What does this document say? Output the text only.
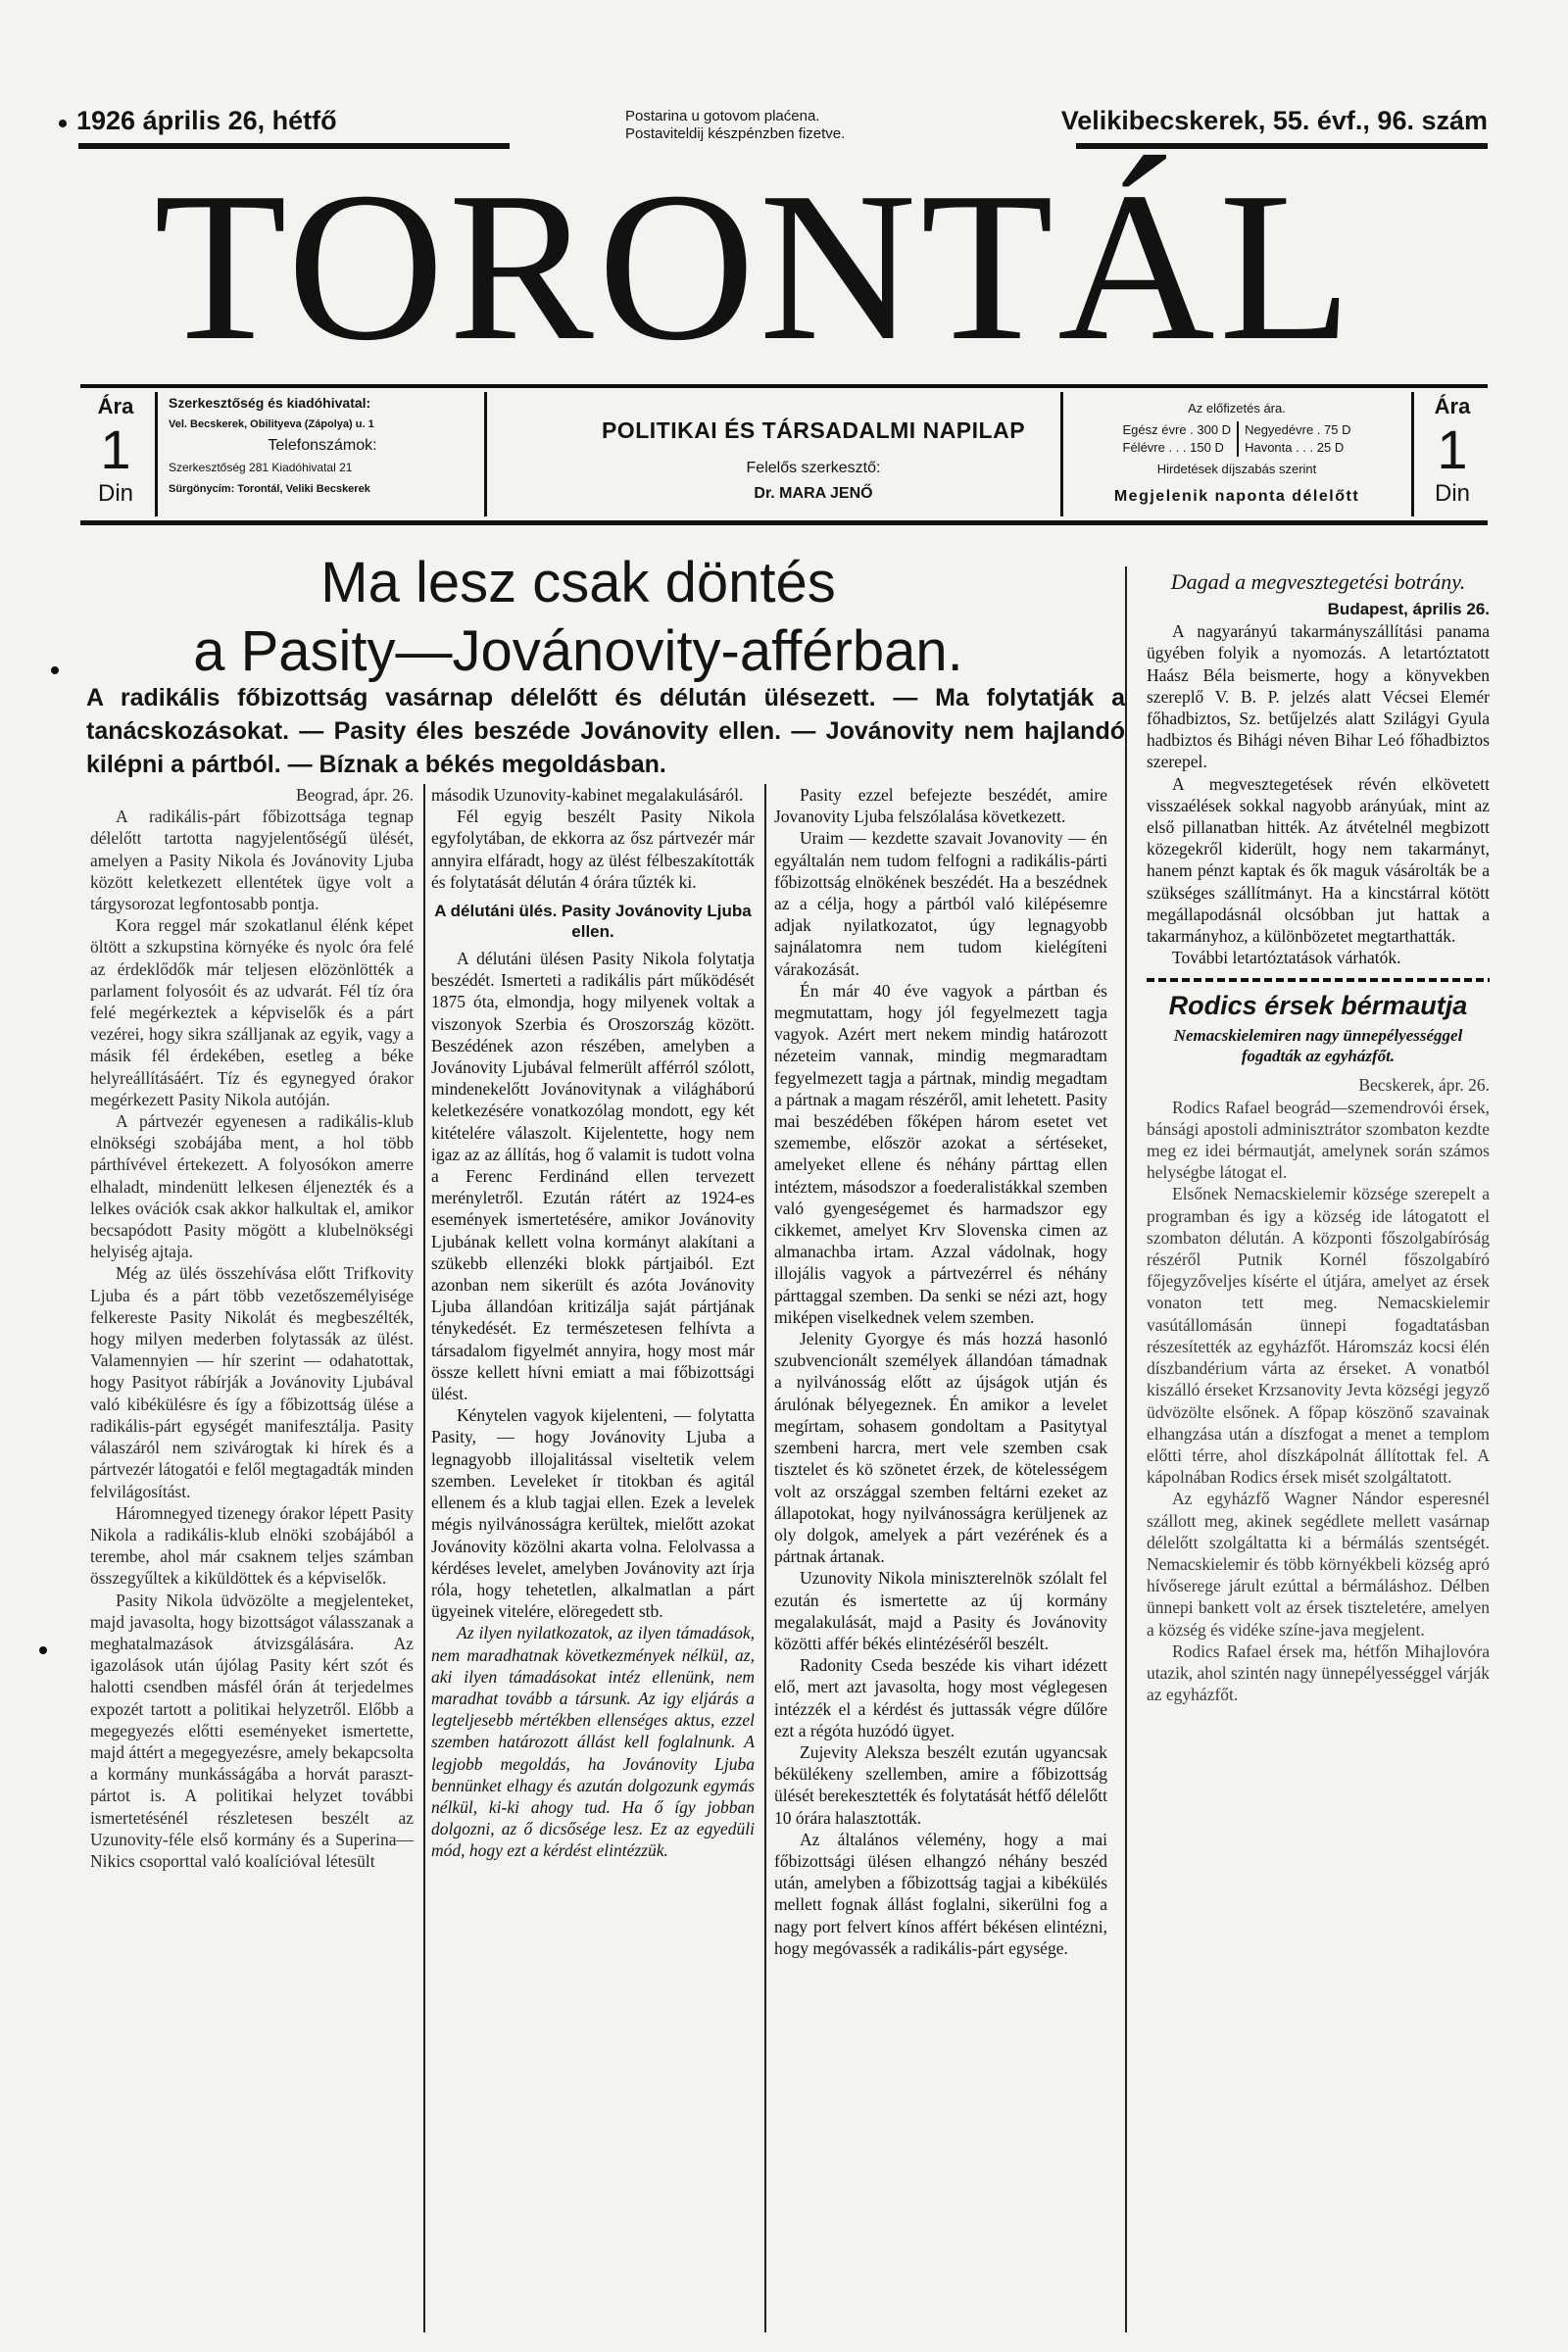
1926 április 26, hétfő	Postarina u gotovom plaćena.
Postaviteldij készpénzben fizetve.	Velikibecskerek, 55. évf., 96. szám
TORONTÁL
Ára
1
Din
Szerkesztőség és kiadóhivatal:
Vel. Becskerek, Obilityeva (Zápolya) u. 1
Telefonszámok:
Szerkesztőség 281 Kiadóhivatal 21
Sürgönycím: Torontál, Veliki Becskerek
POLITIKAI ÉS TÁRSADALMI NAPILAP
Felelős szerkesztő:
Dr. MARA JENŐ
Az előfizetés ára.
Egész évre . 300 D	Negyedévre . 75 D
Félévre . . . 150 D	Havonta . . . 25 D
Hirdetések díjszabás szerint
Megjelenik naponta délelőtt
Ára
1
Din
Ma lesz csak döntés
a Pasity—Jovánovity-afférban.
A radikális főbizottság vasárnap délelőtt és délután ülésezett. — Ma folytatják a tanácskozásokat. — Pasity éles beszéde Jovánovity ellen. — Jovánovity nem hajlandó kilépni a pártból. — Bíznak a békés megoldásban.
Beograd, ápr. 26.

A radikális-párt főbizottsága tegnap délelőtt tartotta nagyjelentőségű ülését, amelyen a Pasity Nikola és Jovánovity Ljuba között keletkezett ellentétek ügye volt a tárgysorozat legfontosabb pontja.

Kora reggel már szokatlanul élénk képet öltött a szkupstina környéke és nyolc óra felé az érdeklődők már teljesen elözönlötték a parlament folyosóit és az udvarát. Fél tíz óra felé megérkeztek a képviselők és a párt vezérei, hogy sikra szálljanak az egyik, vagy a másik fél érdekében, esetleg a béke helyreállításáért. Tíz és egynegyed órakor megérkezett Pasity Nikola autóján.

A pártvezér egyenesen a radikális-klub elnökségi szobájába ment, a hol több párthívével értekezett. A folyosókon amerre elhaladt, mindenütt lelkesen éljenezték és a lelkes ovációk csak akkor halkultak el, amikor becsapódott Pasity mögött a klubelnökségi helyiség ajtaja.

Még az ülés összehívása előtt Trifkovity Ljuba és a párt több vezetőszemélyisége felkereste Pasity Nikolát és megbeszélték, hogy milyen mederben folytassák az ülést. Valamennyien — hír szerint — odahatottak, hogy Pasityot rábírják a Jovánovity Ljubával való kibékülésre és így a főbizottság ülése a radikális-párt egységét manifesztálja. Pasity válaszáról nem szivárogtak ki hírek és a pártvezér látogatói e felől megtagadták minden felvilágosítást.

Háromnegyed tizenegy órakor lépett Pasity Nikola a radikális-klub elnöki szobájából a terembe, ahol már csaknem teljes számban összegyűltek a kiküldöttek és a képviselők.

Pasity Nikola üdvözölte a megjelenteket, majd javasolta, hogy bizottságot válasszanak a meghatalmazások átvizsgálására. Az igazolások után újólag Pasity kért szót és halotti csendben másfél órán át terjedelmes expozét tartott a politikai helyzetről. Előbb a megegyezés előtti eseményeket ismertette, majd áttért a megegyezésre, amely bekapcsolta a kormány munkásságába a horvát paraszt-pártot is. A politikai helyzet további ismertetésénél részletesen beszélt az Uzunovity-féle első kormány és a Superina—Nikics csoporttal való koalícióval létesült

második Uzunovity-kabinet megalakulásáról.

Fél egyig beszélt Pasity Nikola egyfolytában, de ekkorra az ősz pártvezér már annyira elfáradt, hogy az ülést félbeszakították és folytatását délután 4 órára tűzték ki.

A délutáni ülés. Pasity Jovánovity Ljuba ellen.

A délutáni ülésen Pasity Nikola folytatja beszédét. Ismerteti a radikális párt működését 1875 óta, elmondja, hogy milyenek voltak a viszonyok Szerbia és Oroszország között. Beszédének azon részében, amelyben a Jovánovity Ljubával felmerült afférról szólott, mindenekelőtt Jovánovitynak a világháború keletkezésére vonatkozólag mondott, egy két kitételére válaszolt. Kijelentette, hogy nem igaz az az állítás, hog ő valamit is tudott volna a Ferenc Ferdinánd ellen tervezett merényletről. Ezután rátért az 1924-es események ismertetésére, amikor Jovánovity Ljubának kellett volna kormányt alakítani a szükebb ellenzéki blokk pártjaiból. Ezt azonban nem sikerült és azóta Jovánovity Ljuba állandóan kritizálja saját pártjának ténykedését. Ez természetesen felhívta a társadalom figyelmét annyira, hogy most már össze kellett hívni emiatt a mai főbizottsági ülést.

Kénytelen vagyok kijelenteni, — folytatta Pasity, — hogy Jovánovity Ljuba a legnagyobb illojalitással viseltetik velem szemben. Leveleket ír titokban és agitál ellenem és a klub tagjai ellen. Ezek a levelek mégis nyilvánosságra kerültek, mielőtt azokat Jovánovity közölni akarta volna. Felolvassa a kérdéses levelet, amelyben Jovánovity azt írja róla, hogy tehetetlen, alkalmatlan a párt ügyeinek vitelére, elöregedett stb.

Az ilyen nyilatkozatok, az ilyen támadások, nem maradhatnak következmények nélkül, az, aki ilyen támadásokat intéz ellenünk, nem maradhat tovább a társunk. Az igy eljárás a legteljesebb mértékben ellenséges aktus, ezzel szemben határozott állást kell foglalnunk. A legjobb megoldás, ha Jovánovity Ljuba bennünket elhagy és azután dolgozunk egymás nélkül, ki-ki ahogy tud. Ha ő így jobban dolgozni, az ő dicsősége lesz. Ez az egyedüli mód, hogy ezt a kérdést elintézzük.

Pasity ezzel befejezte beszédét, amire Jovanovity Ljuba felszólalása következett.

Uraim — kezdette szavait Jovanovity — én egyáltalán nem tudom felfogni a radikális-párti főbizottság elnökének beszédét. Ha a beszédnek az a célja, hogy a pártból való kilépésemre adjak nyilatkozatot, úgy legnagyobb sajnálatomra nem tudom kielégíteni várakozását.

Én már 40 éve vagyok a pártban és megmutattam, hogy jól fegyelmezett tagja vagyok. Azért mert nekem mindig határozott nézeteim vannak, mindig megmaradtam fegyelmezett tagja a pártnak, mindig megadtam a pártnak a magam részéről, amit lehetett. Pasity mai beszédében főképen három esetet vet szemembe, először azokat a sértéseket, amelyeket ellene és néhány párttag ellen intéztem, másodszor a foederalistákkal szemben való gyengeségemet és harmadszor egy cikkemet, amelyet Krv Slovenska cimen az almanachba irtam. Azzal vádolnak, hogy illojális vagyok a pártvezérrel és néhány párttaggal szemben. Da senki se nézi azt, hogy miképen viselkednek velem szemben.

Jelenity Gyorgye és más hozzá hasonló szubvencionált személyek állandóan támadnak a nyilvánosság előtt az újságok utján és árulónak bélyegeznek. Én amikor a levelet megírtam, sohasem gondoltam a Pasitytyal szembeni harcra, mert vele szemben csak tisztelet és kö szönetet érzek, de kötelességem volt az országgal szemben feltárni ezeket az állapotokat, hogy nyilvánosságra kerüljenek az oly dolgok, amelyek a párt vezérének és a pártnak ártanak.

Uzunovity Nikola miniszterelnök szólalt fel ezután és ismertette az új kormány megalakulását, majd a Pasity és Jovánovity közötti affér békés elintézéséről beszélt.

Radonity Cseda beszéde kis vihart idézett elő, mert azt javasolta, hogy most véglegesen intézzék el a kérdést és juttassák végre dűlőre ezt a régóta huzódó ügyet.

Zujevity Aleksza beszélt ezután ugyancsak békülékeny szellemben, amire a főbizottság ülését berekesztették és folytatását hétfő délelőtt 10 órára halasztották.

Az általános vélemény, hogy a mai főbizottsági ülésen elhangzó néhány beszéd után, amelyben a főbizottság tagjai a kibékülés mellett fognak állást foglalni, sikerülni fog a nagy port felvert kínos affért békésen elintézni, hogy megóvassék a radikális-párt egysége.

Dagad a megvesztegetési botrány.
Budapest, április 26.

A nagyarányú takarmányszállítási panama ügyében folyik a nyomozás. A letartóztatott Haász Béla beismerte, hogy a könyvekben szereplő V. B. P. jelzés alatt Vécsei Elemér főhadbiztos, Sz. betűjelzés alatt Szilágyi Gyula hadbiztos és Bihági néven Bihar Leó főhadbiztos szerepel.

A megvesztegetések révén elkövetett visszaélések sokkal nagyobb arányúak, mint az első pillanatban hitték. Az átvételnél megbizott közegekről kiderült, hogy nem takarmányt, hanem pénzt kaptak és ők maguk vásárolták be a szükséges szállítmányt. Ha a kincstárral kötött megállapodásnál olcsóbban jut hattak a takarmányhoz, a különbözetet megtarthatták.

További letartóztatások várhatók.

Rodics érsek bérmautja
Nemacskielemiren nagy ünnepélyességgel fogadták az egyházfőt.
Becskerek, ápr. 26.

Rodics Rafael beográd—szemendrovói érsek, bánsági apostoli adminisztrátor szombaton kezdte meg ez idei bérmautját, amelynek során számos helységbe látogat el.

Elsőnek Nemacskielemir községe szerepelt a programban és igy a község ide látogatott el szombaton délután. A központi főszolgabíróság részéről Putnik Kornél főszolgabíró főjegyzőveljes kísérte el útjára, amelyet az érsek vonaton tett meg. Nemacskielemir vasútállomásán ünnepi fogadtatásban részesítették az egyházfőt. Háromszáz kocsi élén díszbandérium várta az érseket. A vonatból kiszálló érseket Krzsanovity Jevta községi jegyző üdvözölte elsőnek. A főpap köszönő szavainak elhangzása után a díszfogat a menet a templom előtti térre, ahol díszkápolnát állítottak fel. A kápolnában Rodics érsek misét szolgáltatott.

Az egyházfő Wagner Nándor esperesnél szállott meg, akinek segédlete mellett vasárnap délelőtt szolgáltatta ki a bérmálás szentségét. Nemacskielemir és több környékbeli község apró hívőserege járult ezúttal a bérmáláshoz. Délben ünnepi bankett volt az érsek tiszteletére, amelyen a község és vidéke színe-java megjelent.

Rodics Rafael érsek ma, hétfőn Mihajlovóra utazik, ahol szintén nagy ünnepélyességgel várják az egyházfőt.
